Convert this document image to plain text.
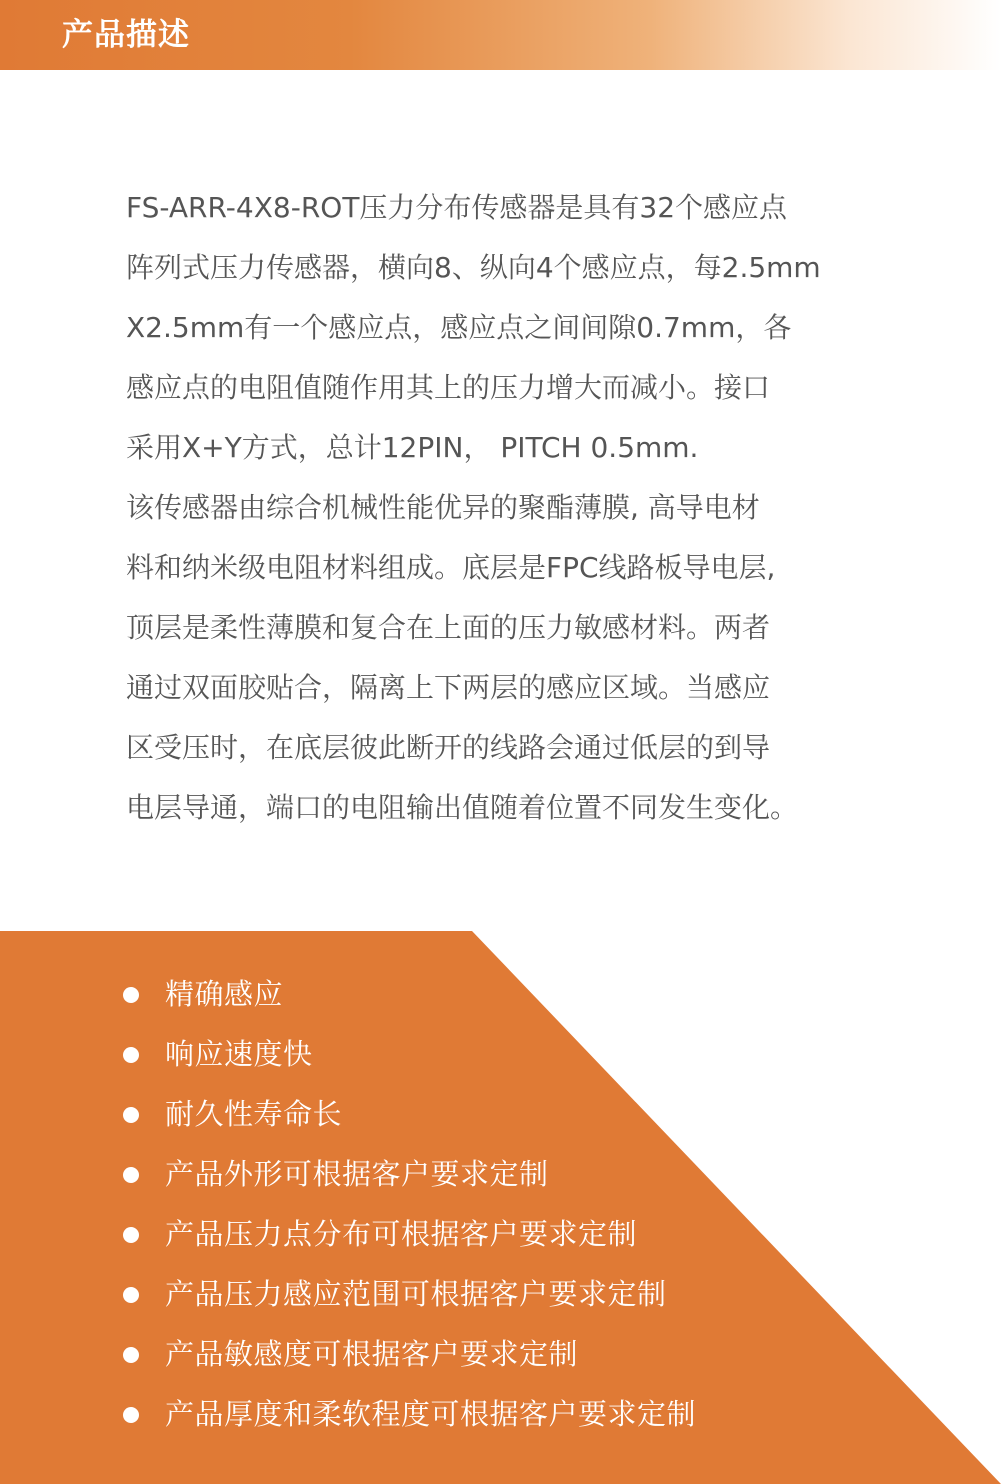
产品描述
FS-ARR-4X8-ROT压力分布传感器是具有32个感应点
阵列式压力传感器，横向8、纵向4个感应点，每2.5mm
X2.5mm有一个感应点，感应点之间间隙0.7mm，各
感应点的电阻值随作用其上的压力增大而减小。接口
采用X+Y方式，总计12PIN， PITCH 0.5mm.
该传感器由综合机械性能优异的聚酯薄膜, 高导电材
料和纳米级电阻材料组成。底层是FPC线路板导电层,
顶层是柔性薄膜和复合在上面的压力敏感材料。两者
通过双面胶贴合，隔离上下两层的感应区域。当感应
区受压时，在底层彼此断开的线路会通过低层的到导
电层导通，端口的电阻输出值随着位置不同发生变化。
精确感应
响应速度快
耐久性寿命长
产品外形可根据客户要求定制
产品压力点分布可根据客户要求定制
产品压力感应范围可根据客户要求定制
产品敏感度可根据客户要求定制
产品厚度和柔软程度可根据客户要求定制
